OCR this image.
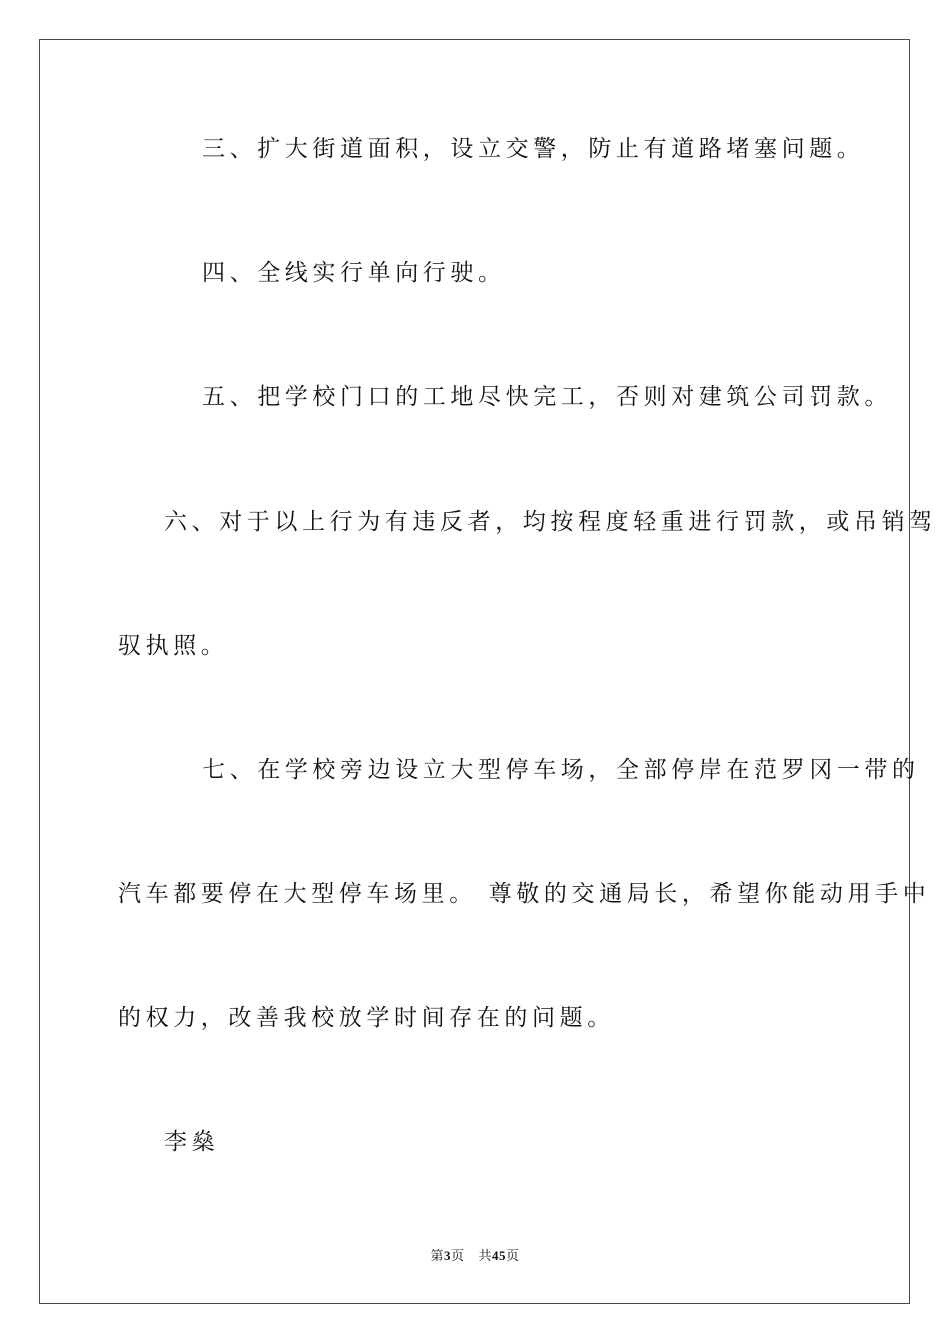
三、扩大街道面积，设立交警，防止有道路堵塞问题。
四、全线实行单向行驶。
五、把学校门口的工地尽快完工，否则对建筑公司罚款。
六、对于以上行为有违反者，均按程度轻重进行罚款，或吊销驾
驭执照。
七、在学校旁边设立大型停车场，全部停岸在范罗冈一带的
汽车都要停在大型停车场里。 尊敬的交通局长，希望你能动用手中
的权力，改善我校放学时间存在的问题。
李燊
第3页 共45页
